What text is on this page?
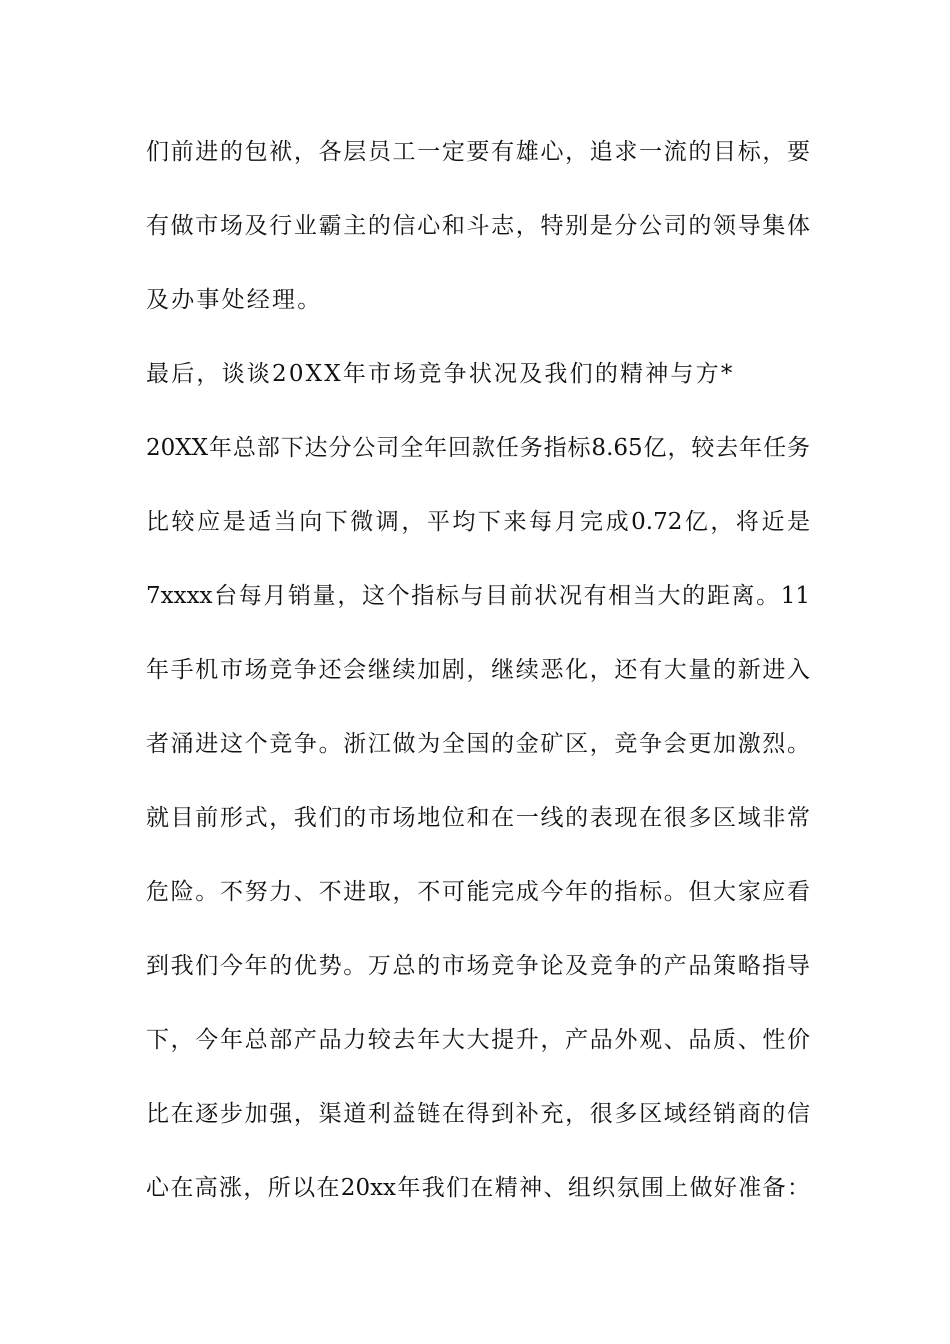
们前进的包袱，各层员工一定要有雄心，追求一流的目标，要
有做市场及行业霸主的信心和斗志，特别是分公司的领导集体
及办事处经理。
最后，谈谈20XX年市场竞争状况及我们的精神与方*
20XX年总部下达分公司全年回款任务指标8.65亿，较去年任务
比较应是适当向下微调，平均下来每月完成0.72亿，将近是
7xxxx台每月销量，这个指标与目前状况有相当大的距离。11
年手机市场竞争还会继续加剧，继续恶化，还有大量的新进入
者涌进这个竞争。浙江做为全国的金矿区，竞争会更加激烈。
就目前形式，我们的市场地位和在一线的表现在很多区域非常
危险。不努力、不进取，不可能完成今年的指标。但大家应看
到我们今年的优势。万总的市场竞争论及竞争的产品策略指导
下，今年总部产品力较去年大大提升，产品外观、品质、性价
比在逐步加强，渠道利益链在得到补充，很多区域经销商的信
心在高涨，所以在20xx年我们在精神、组织氛围上做好准备：
